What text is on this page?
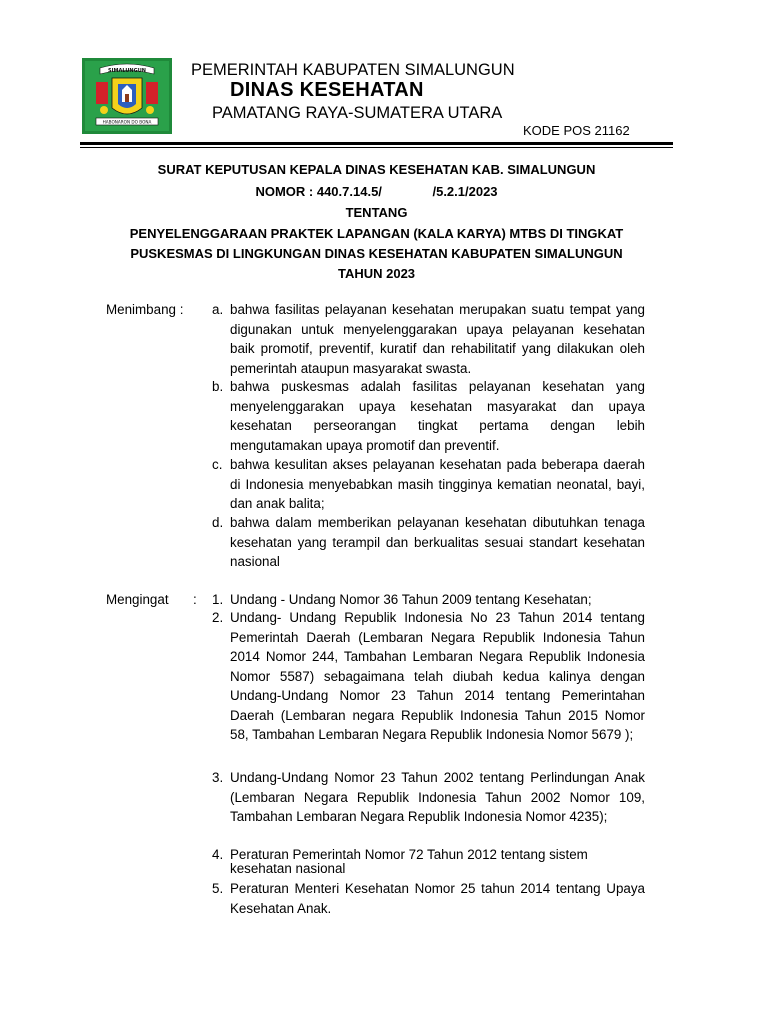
SIMALUNGUN
HABONARON DO BONA
PEMERINTAH KABUPATEN SIMALUNGUN
DINAS KESEHATAN
PAMATANG RAYA-SUMATERA UTARA
KODE POS 21162
SURAT KEPUTUSAN KEPALA DINAS KESEHATAN KAB. SIMALUNGUN
NOMOR : 440.7.14.5/              /5.2.1/2023
TENTANG
PENYELENGGARAAN PRAKTEK LAPANGAN (KALA KARYA) MTBS DI TINGKAT
PUSKESMAS DI LINGKUNGAN DINAS KESEHATAN KABUPATEN SIMALUNGUN
TAHUN 2023
Menimbang : a. bahwa fasilitas pelayanan kesehatan merupakan suatu tempat yang digunakan untuk menyelenggarakan upaya pelayanan kesehatan baik promotif, preventif, kuratif dan rehabilitatif yang dilakukan oleh pemerintah ataupun masyarakat swasta.
b. bahwa puskesmas adalah fasilitas pelayanan kesehatan yang menyelenggarakan upaya kesehatan masyarakat dan upaya kesehatan perseorangan tingkat pertama dengan lebih mengutamakan upaya promotif dan preventif.
c. bahwa kesulitan akses pelayanan kesehatan pada beberapa daerah di Indonesia menyebabkan masih tingginya kematian neonatal, bayi, dan anak balita;
d. bahwa dalam memberikan pelayanan kesehatan dibutuhkan tenaga kesehatan yang terampil dan berkualitas sesuai standart kesehatan nasional
Mengingat : 1. Undang - Undang Nomor 36 Tahun 2009 tentang Kesehatan;
2. Undang- Undang Republik Indonesia No 23 Tahun 2014 tentang Pemerintah Daerah (Lembaran Negara Republik Indonesia Tahun 2014 Nomor 244, Tambahan Lembaran Negara Republik Indonesia Nomor 5587) sebagaimana telah diubah kedua kalinya dengan Undang-Undang Nomor 23 Tahun 2014 tentang Pemerintahan Daerah (Lembaran negara Republik Indonesia Tahun 2015 Nomor 58, Tambahan Lembaran Negara Republik Indonesia Nomor 5679 );
3. Undang-Undang Nomor 23 Tahun 2002 tentang Perlindungan Anak (Lembaran Negara Republik Indonesia Tahun 2002 Nomor 109, Tambahan Lembaran Negara Republik Indonesia Nomor 4235);
4. Peraturan Pemerintah Nomor 72 Tahun 2012 tentang sistem
kesehatan nasional
5. Peraturan Menteri Kesehatan Nomor 25 tahun 2014 tentang Upaya Kesehatan Anak.
